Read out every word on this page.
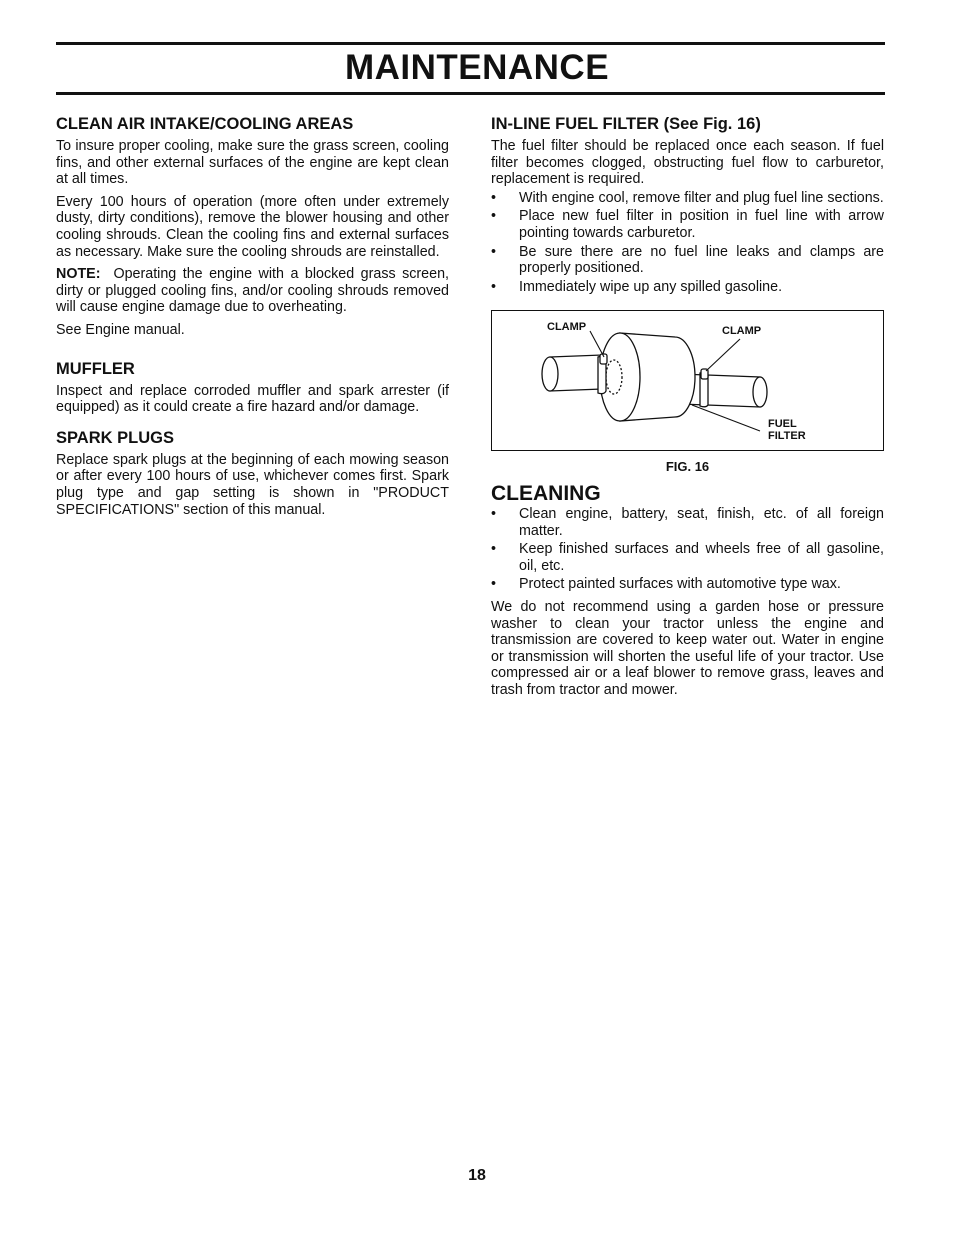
MAINTENANCE
CLEAN AIR INTAKE/COOLING AREAS

To insure proper cooling, make sure the grass screen, cooling fins, and other external surfaces of the engine are kept clean at all times.

Every 100 hours of operation (more often under extremely dusty, dirty conditions), remove the blower housing and other cooling shrouds. Clean the cooling fins and external surfaces as necessary. Make sure the cooling shrouds are reinstalled.

NOTE: Operating the engine with a blocked grass screen, dirty or plugged cooling fins, and/or cooling shrouds removed will cause engine damage due to overheating.

See Engine manual.

MUFFLER

Inspect and replace corroded muffler and spark arrester (if equipped) as it could create a fire hazard and/or damage.

SPARK PLUGS

Replace spark plugs at the beginning of each mowing season or after every 100 hours of use, whichever comes first. Spark plug type and gap setting is shown in "PRODUCT SPECIFICATIONS" section of this manual.

IN-LINE FUEL FILTER (See Fig. 16)

The fuel filter should be replaced once each season. If fuel filter becomes clogged, obstructing fuel flow to carburetor, replacement is required.

• With engine cool, remove filter and plug fuel line sections.
• Place new fuel filter in position in fuel line with arrow pointing towards carburetor.
• Be sure there are no fuel line leaks and clamps are properly positioned.
• Immediately wipe up any spilled gasoline.
CLAMP	CLAMP
FUEL
FILTER
FIG. 16
CLEANING
• Clean engine, battery, seat, finish, etc. of all foreign matter.
• Keep finished surfaces and wheels free of all gasoline, oil, etc.
• Protect painted surfaces with automotive type wax.

We do not recommend using a garden hose or pressure washer to clean your tractor unless the engine and transmission are covered to keep water out. Water in engine or transmission will shorten the useful life of your tractor. Use compressed air or a leaf blower to remove grass, leaves and trash from tractor and mower.

18
